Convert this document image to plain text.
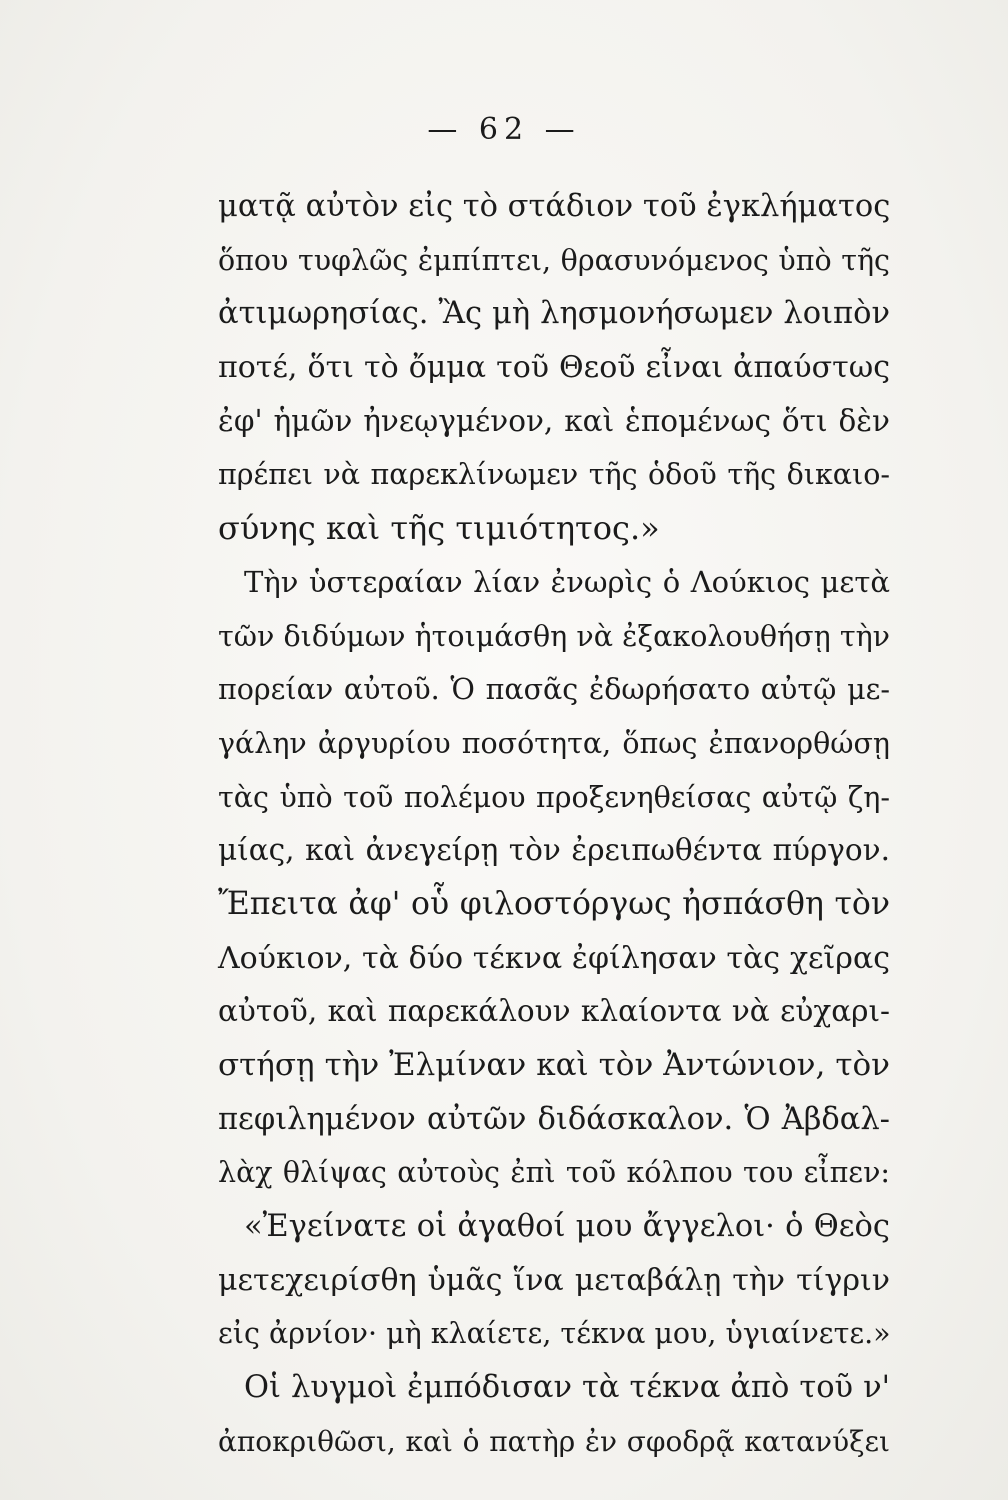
— 62 —
ματᾷ αὐτὸν εἰς τὸ στάδιον τοῦ ἐγκλήματος
ὅπου τυφλῶς ἐμπίπτει, θρασυνόμενος ὑπὸ τῆς
ἀτιμωρησίας. Ἂς μὴ λησμονήσωμεν λοιπὸν
ποτέ, ὅτι τὸ ὄμμα τοῦ Θεοῦ εἶναι ἀπαύστως
ἐφ' ἡμῶν ἠνεῳγμένον, καὶ ἑπομένως ὅτι δὲν
πρέπει νὰ παρεκλίνωμεν τῆς ὁδοῦ τῆς δικαιο-
σύνης καὶ τῆς τιμιότητος.»
Τὴν ὑστεραίαν λίαν ἐνωρὶς ὁ Λούκιος μετὰ
τῶν διδύμων ἡτοιμάσθη νὰ ἐξακολουθήσῃ τὴν
πορείαν αὐτοῦ. Ὁ πασᾶς ἐδωρήσατο αὐτῷ με-
γάλην ἀργυρίου ποσότητα, ὅπως ἐπανορθώσῃ
τὰς ὑπὸ τοῦ πολέμου προξενηθείσας αὐτῷ ζη-
μίας, καὶ ἀνεγείρῃ τὸν ἐρειπωθέντα πύργον.
Ἔπειτα ἀφ' οὗ φιλοστόργως ἠσπάσθη τὸν
Λούκιον, τὰ δύο τέκνα ἐφίλησαν τὰς χεῖρας
αὐτοῦ, καὶ παρεκάλουν κλαίοντα νὰ εὐχαρι-
στήσῃ τὴν Ἐλμίναν καὶ τὸν Ἀντώνιον, τὸν
πεφιλημένον αὐτῶν διδάσκαλον. Ὁ Ἀβδαλ-
λὰχ θλίψας αὐτοὺς ἐπὶ τοῦ κόλπου του εἶπεν:
«Ἐγείνατε οἱ ἀγαθοί μου ἄγγελοι· ὁ Θεὸς
μετεχειρίσθη ὑμᾶς ἵνα μεταβάλῃ τὴν τίγριν
εἰς ἀρνίον· μὴ κλαίετε, τέκνα μου, ὑγιαίνετε.»
Οἱ λυγμοὶ ἐμπόδισαν τὰ τέκνα ἀπὸ τοῦ ν'
ἀποκριθῶσι, καὶ ὁ πατὴρ ἐν σφοδρᾷ κατανύξει
